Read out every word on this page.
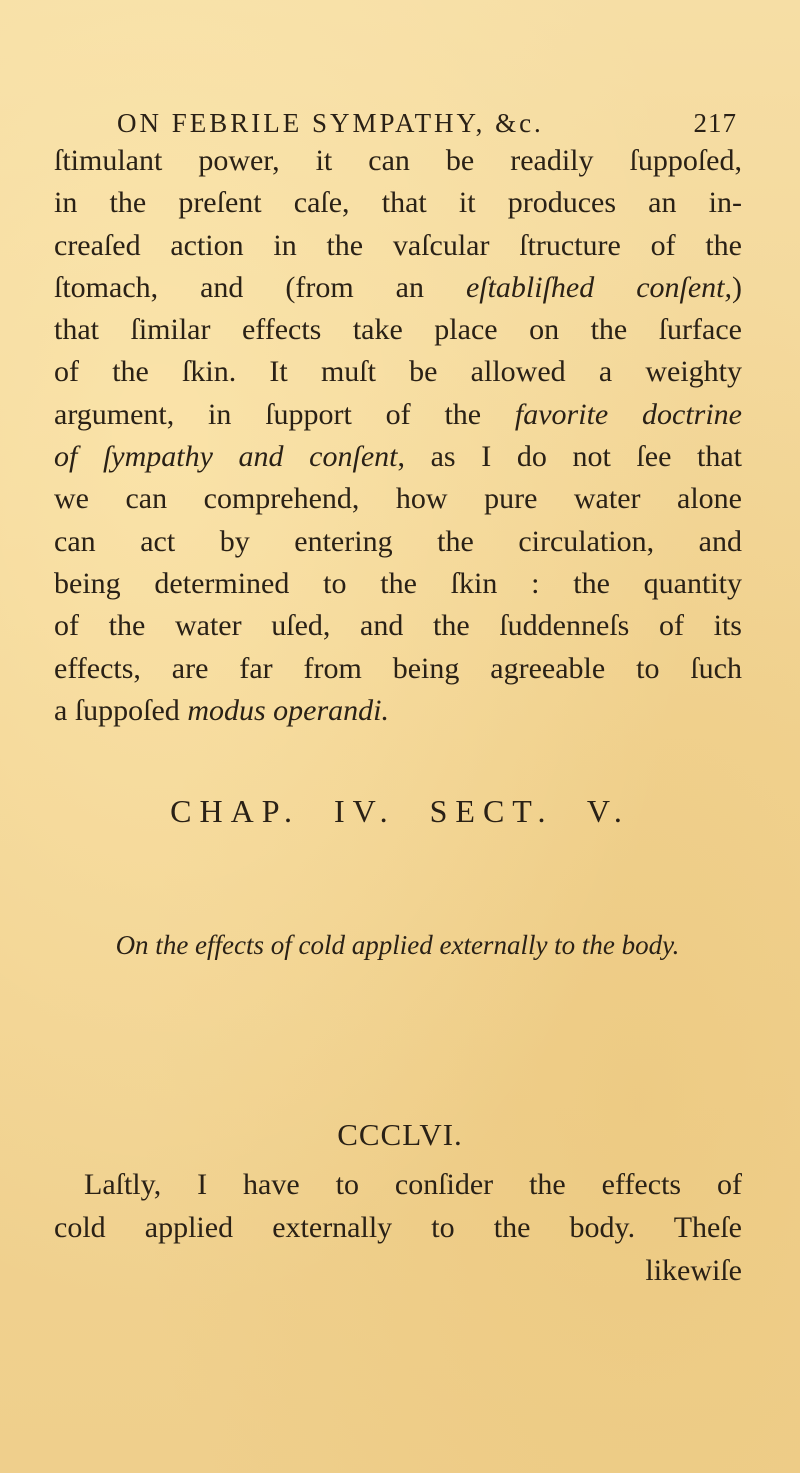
ON FEBRILE SYMPATHY, &c.	217
ſtimulant power, it can be readily ſuppoſed,
in the preſent caſe, that it produces an in-
creaſed action in the vaſcular ſtructure of the
ſtomach, and (from an eſtabliſhed conſent,)
that ſimilar effects take place on the ſurface
of the ſkin. It muſt be allowed a weighty
argument, in ſupport of the favorite doctrine
of ſympathy and conſent, as I do not ſee that
we can comprehend, how pure water alone
can act by entering the circulation, and
being determined to the ſkin : the quantity
of the water uſed, and the ſuddenneſs of its
effects, are far from being agreeable to ſuch
a ſuppoſed modus operandi.
CHAP. IV. SECT. V.
On the effects of cold applied externally to the body.
CCCLVI.
Laſtly, I have to conſider the effects of
cold applied externally to the body. Theſe
likewiſe
